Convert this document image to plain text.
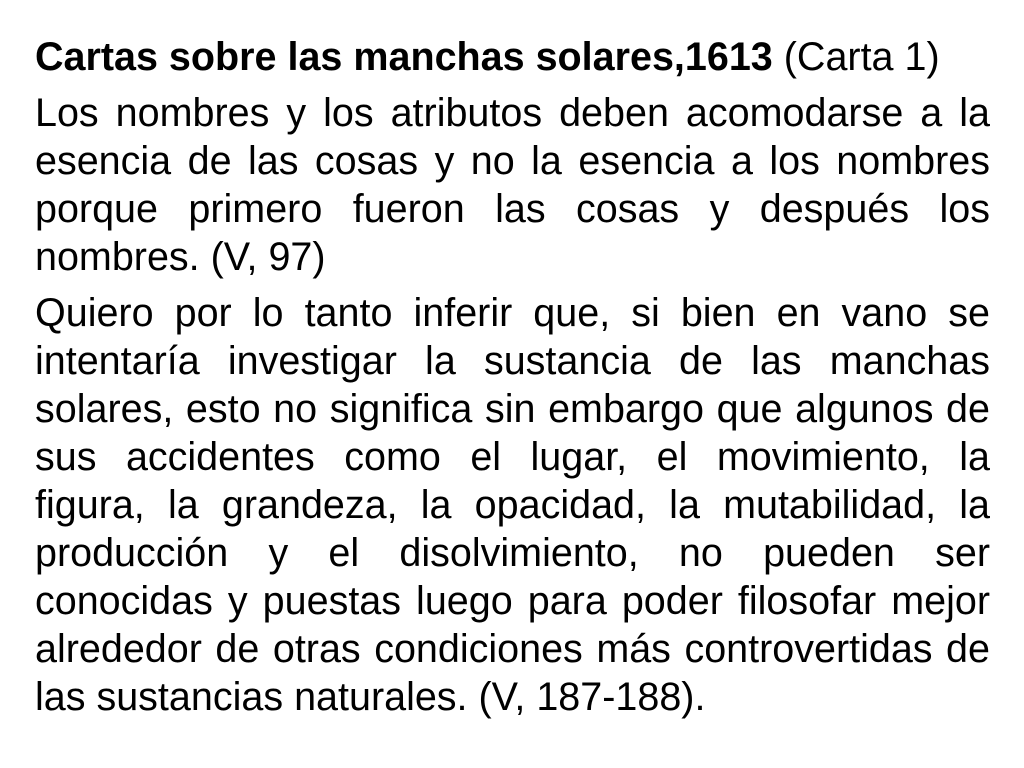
Cartas sobre las manchas solares,1613 (Carta 1)
Los nombres y los atributos deben acomodarse a la
esencia de las cosas y no la esencia a los nombres
porque primero fueron las cosas y después los
nombres. (V, 97)
Quiero por lo tanto inferir que, si bien en vano se
intentaría investigar la sustancia de las manchas
solares, esto no significa sin embargo que algunos de
sus accidentes como el lugar, el movimiento, la
figura, la grandeza, la opacidad, la mutabilidad, la
producción y el disolvimiento, no pueden ser
conocidas y puestas luego para poder filosofar mejor
alrededor de otras condiciones más controvertidas de
las sustancias naturales. (V, 187-188).
